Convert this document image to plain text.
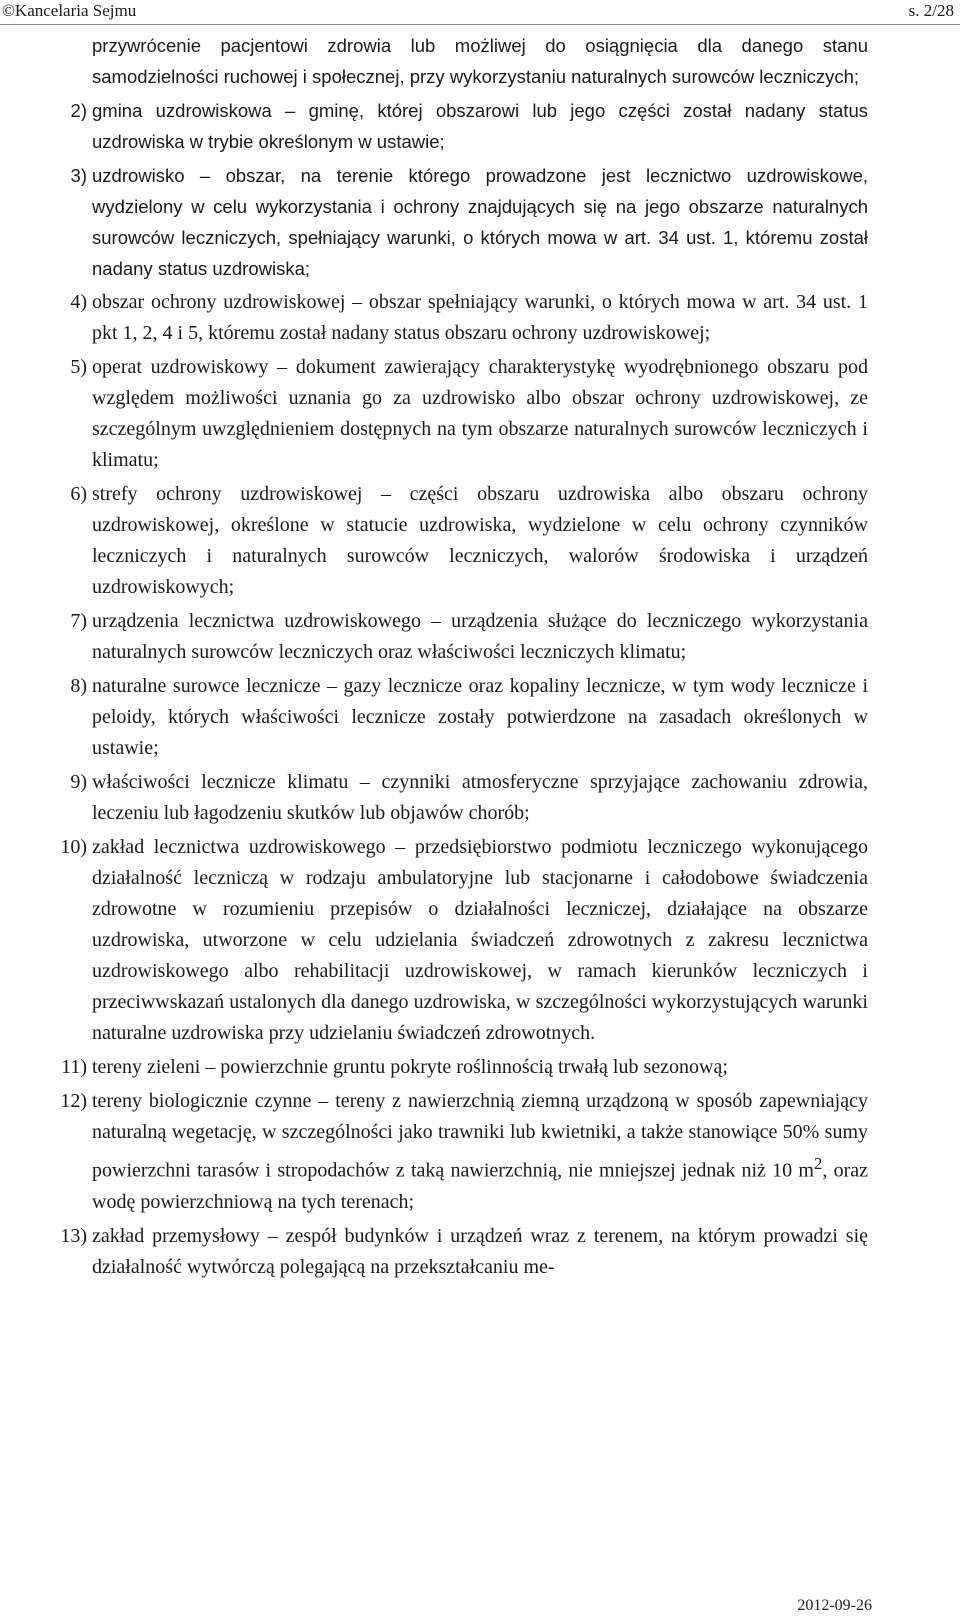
©Kancelaria Sejmu	s. 2/28

przywrócenie pacjentowi zdrowia lub możliwej do osiągnięcia dla danego stanu samodzielności ruchowej i społecznej, przy wykorzystaniu naturalnych surowców leczniczych;

2) gmina uzdrowiskowa – gminę, której obszarowi lub jego części został nadany status uzdrowiska w trybie określonym w ustawie;
3) uzdrowisko – obszar, na terenie którego prowadzone jest lecznictwo uzdrowiskowe, wydzielony w celu wykorzystania i ochrony znajdujących się na jego obszarze naturalnych surowców leczniczych, spełniający warunki, o których mowa w art. 34 ust. 1, któremu został nadany status uzdrowiska;
4) obszar ochrony uzdrowiskowej – obszar spełniający warunki, o których mowa w art. 34 ust. 1 pkt 1, 2, 4 i 5, któremu został nadany status obszaru ochrony uzdrowiskowej;
5) operat uzdrowiskowy – dokument zawierający charakterystykę wyodrębnionego obszaru pod względem możliwości uznania go za uzdrowisko albo obszar ochrony uzdrowiskowej, ze szczególnym uwzględnieniem dostępnych na tym obszarze naturalnych surowców leczniczych i klimatu;
6) strefy ochrony uzdrowiskowej – części obszaru uzdrowiska albo obszaru ochrony uzdrowiskowej, określone w statucie uzdrowiska, wydzielone w celu ochrony czynników leczniczych i naturalnych surowców leczniczych, walorów środowiska i urządzeń uzdrowiskowych;
7) urządzenia lecznictwa uzdrowiskowego – urządzenia służące do leczniczego wykorzystania naturalnych surowców leczniczych oraz właściwości leczniczych klimatu;
8) naturalne surowce lecznicze – gazy lecznicze oraz kopaliny lecznicze, w tym wody lecznicze i peloidy, których właściwości lecznicze zostały potwierdzone na zasadach określonych w ustawie;
9) właściwości lecznicze klimatu – czynniki atmosferyczne sprzyjające zachowaniu zdrowia, leczeniu lub łagodzeniu skutków lub objawów chorób;
10) zakład lecznictwa uzdrowiskowego – przedsiębiorstwo podmiotu leczniczego wykonującego działalność leczniczą w rodzaju ambulatoryjne lub stacjonarne i całodobowe świadczenia zdrowotne w rozumieniu przepisów o działalności leczniczej, działające na obszarze uzdrowiska, utworzone w celu udzielania świadczeń zdrowotnych z zakresu lecznictwa uzdrowiskowego albo rehabilitacji uzdrowiskowej, w ramach kierunków leczniczych i przeciwwskazań ustalonych dla danego uzdrowiska, w szczególności wykorzystujących warunki naturalne uzdrowiska przy udzielaniu świadczeń zdrowotnych.
11) tereny zieleni – powierzchnie gruntu pokryte roślinnością trwałą lub sezonową;
12) tereny biologicznie czynne – tereny z nawierzchnią ziemną urządzoną w sposób zapewniający naturalną wegetację, w szczególności jako trawniki lub kwietniki, a także stanowiące 50% sumy powierzchni tarasów i stropodachów z taką nawierzchnią, nie mniejszej jednak niż 10 $m^2$, oraz wodę powierzchniową na tych terenach;
13) zakład przemysłowy – zespół budynków i urządzeń wraz z terenem, na którym prowadzi się działalność wytwórczą polegającą na przekształcaniu me-
2012-09-26
